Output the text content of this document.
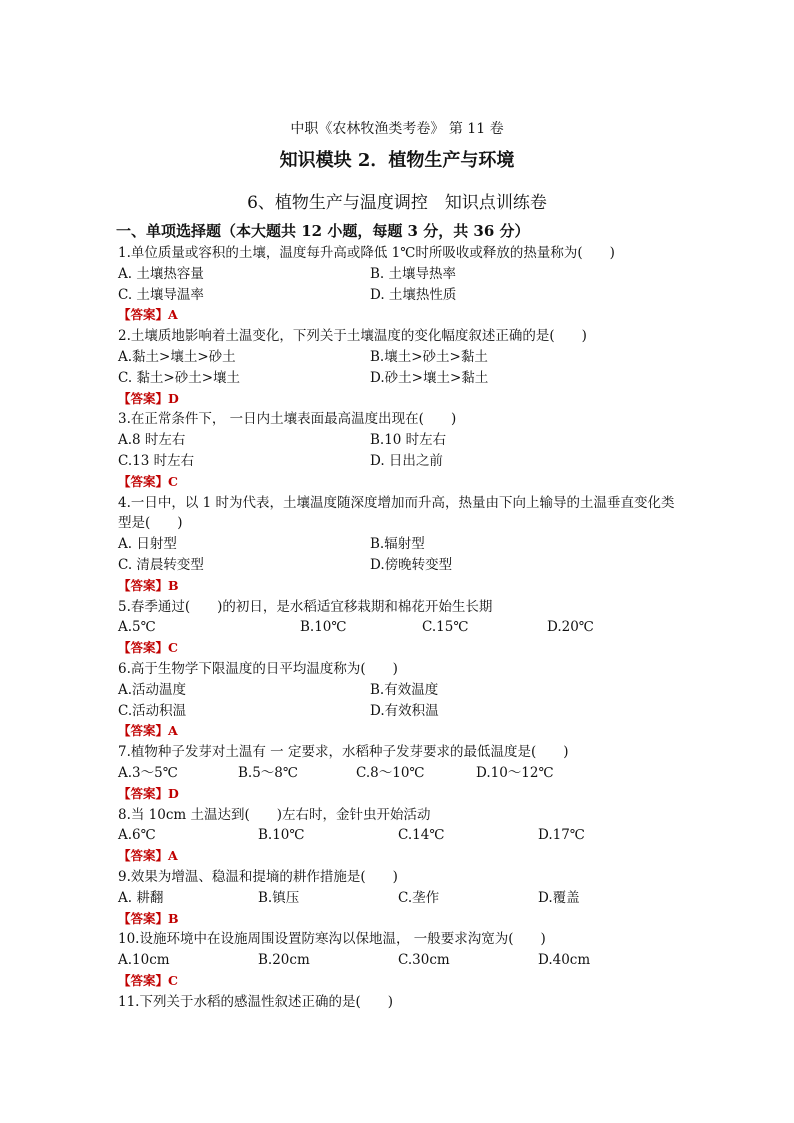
中职《农林牧渔类考卷》 第 11 卷
知识模块 2．植物生产与环境
6、植物生产与温度调控　知识点训练卷
一、单项选择题（本大题共 12 小题，每题 3 分，共 36 分）
1.单位质量或容积的土壤，温度每升高或降低 1℃时所吸收或释放的热量称为(　　)
A. 土壤热容量	B. 土壤导热率
C. 土壤导温率	D. 土壤热性质
【答案】A
2.土壤质地影响着土温变化，下列关于土壤温度的变化幅度叙述正确的是(　　)
A.黏土>壤土>砂土	B.壤土>砂土>黏土
C. 黏土>砂土>壤土	D.砂土>壤土>黏土
【答案】D
3.在正常条件下， 一日内土壤表面最高温度出现在(　　)
A.8 时左右	B.10 时左右
C.13 时左右	D. 日出之前
【答案】C
4.一日中，以 1 时为代表，土壤温度随深度增加而升高，热量由下向上输导的土温垂直变化类型是(　　)
A. 日射型	B.辐射型
C. 清晨转变型	D.傍晚转变型
【答案】B
5.春季通过(　　)的初日，是水稻适宜移栽期和棉花开始生长期
A.5℃	B.10℃	C.15℃	D.20℃
【答案】C
6.高于生物学下限温度的日平均温度称为(　　)
A.活动温度	B.有效温度
C.活动积温	D.有效积温
【答案】A
7.植物种子发芽对土温有 一 定要求，水稻种子发芽要求的最低温度是(　　)
A.3～5℃	B.5～8℃	C.8～10℃	D.10～12℃
【答案】D
8.当 10cm 土温达到(　　)左右时，金针虫开始活动
A.6℃	B.10℃	C.14℃	D.17℃
【答案】A
9.效果为增温、稳温和提墒的耕作措施是(　　)
A. 耕翻	B.镇压	C.垄作	D.覆盖
【答案】B
10.设施环境中在设施周围设置防寒沟以保地温， 一般要求沟宽为(　　)
A.10cm	B.20cm	C.30cm	D.40cm
【答案】C
11.下列关于水稻的感温性叙述正确的是(　　)
